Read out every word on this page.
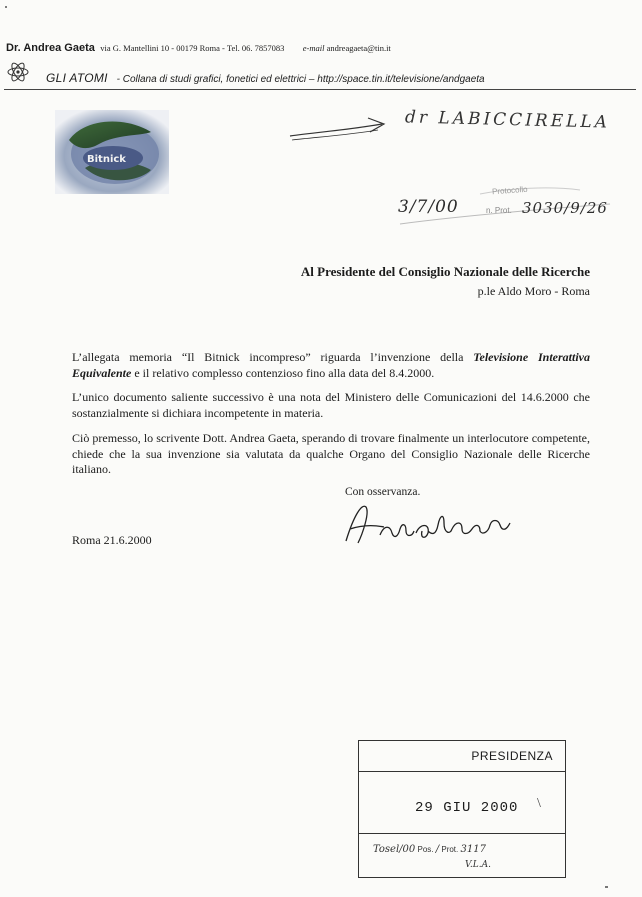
Dr. Andrea Gaeta via G. Mantellini 10 - 00179 Roma - Tel. 06. 7857083 e-mail andreagaeta@tin.it
GLI ATOMI - Collana di studi grafici, fonetici ed elettrici – http://space.tin.it/televisione/andgaeta
Bitnick
dr LABICCIRELLA
Protocollo
3/7/00	n. Prot. 3030/9/26
Al Presidente del Consiglio Nazionale delle Ricerche
p.le Aldo Moro - Roma
L’allegata memoria “Il Bitnick incompreso” riguarda l’invenzione della Televisione Interattiva Equivalente e il relativo complesso contenzioso fino alla data del 8.4.2000.
L’unico documento saliente successivo è una nota del Ministero delle Comunicazioni del 14.6.2000 che sostanzialmente si dichiara incompetente in materia.
Ciò premesso, lo scrivente Dott. Andrea Gaeta, sperando di trovare finalmente un interlocutore competente, chiede che la sua invenzione sia valutata da qualche Organo del Consiglio Nazionale delle Ricerche italiano.
Con osservanza.
Roma 21.6.2000
PRESIDENZA
29 GIU 2000 \
Tosel/00 Pos. / Prot. 3117
V.L.A.
